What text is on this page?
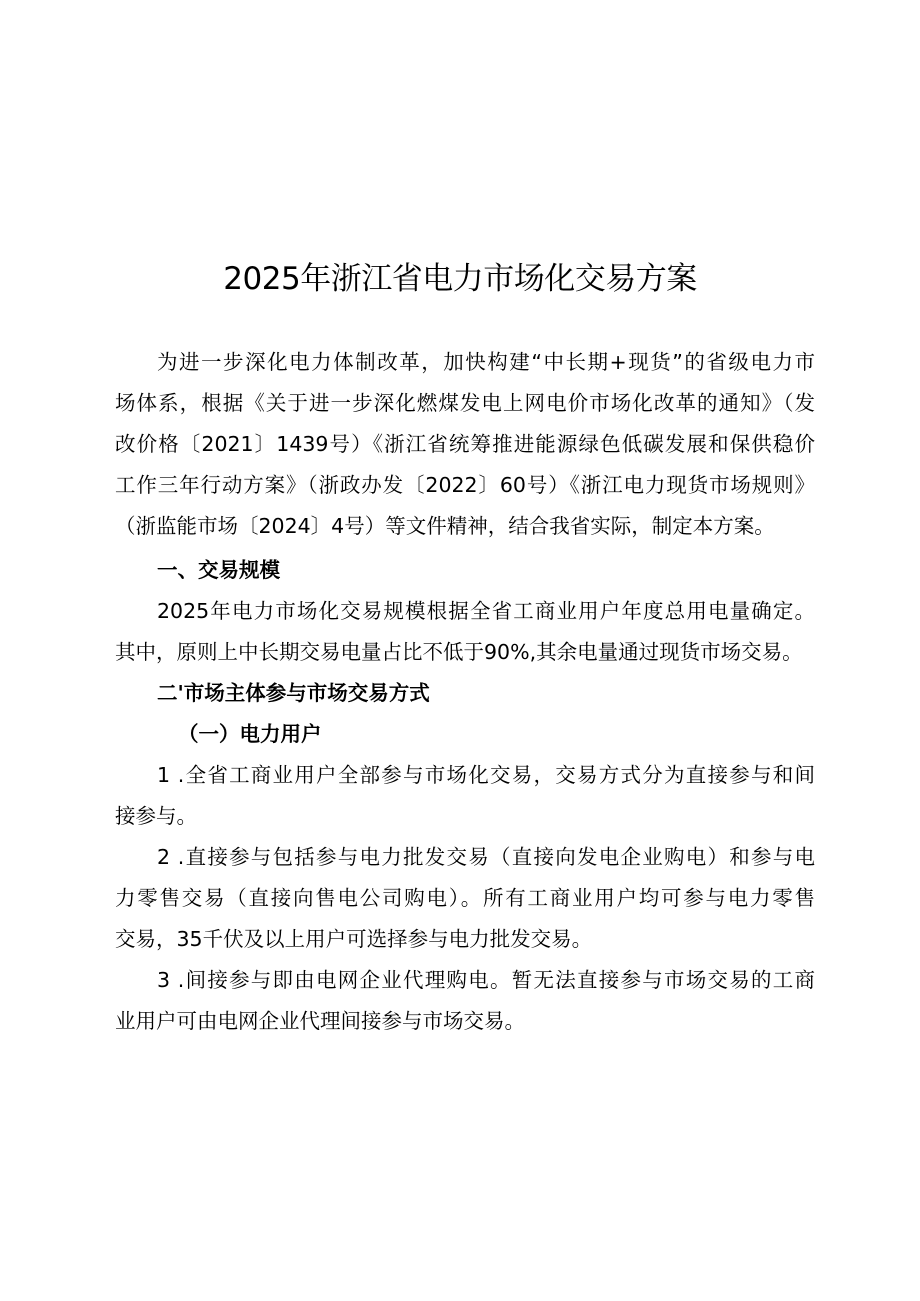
2025年浙江省电力市场化交易方案
为进一步深化电力体制改革，加快构建“中长期+现货”的省级电力市
场体系，根据《关于进一步深化燃煤发电上网电价市场化改革的通知》（发
改价格〔2021〕1439号）《浙江省统筹推进能源绿色低碳发展和保供稳价
工作三年行动方案》（浙政办发〔2022〕60号）《浙江电力现货市场规则》
（浙监能市场〔2024〕4号）等文件精神，结合我省实际，制定本方案。
一、交易规模
2025年电力市场化交易规模根据全省工商业用户年度总用电量确定。
其中，原则上中长期交易电量占比不低于90%,其余电量通过现货市场交易。
二'市场主体参与市场交易方式
（一）电力用户
1 .全省工商业用户全部参与市场化交易，交易方式分为直接参与和间
接参与。
2 .直接参与包括参与电力批发交易（直接向发电企业购电）和参与电
力零售交易（直接向售电公司购电）。所有工商业用户均可参与电力零售
交易，35千伏及以上用户可选择参与电力批发交易。
3 .间接参与即由电网企业代理购电。暂无法直接参与市场交易的工商
业用户可由电网企业代理间接参与市场交易。
